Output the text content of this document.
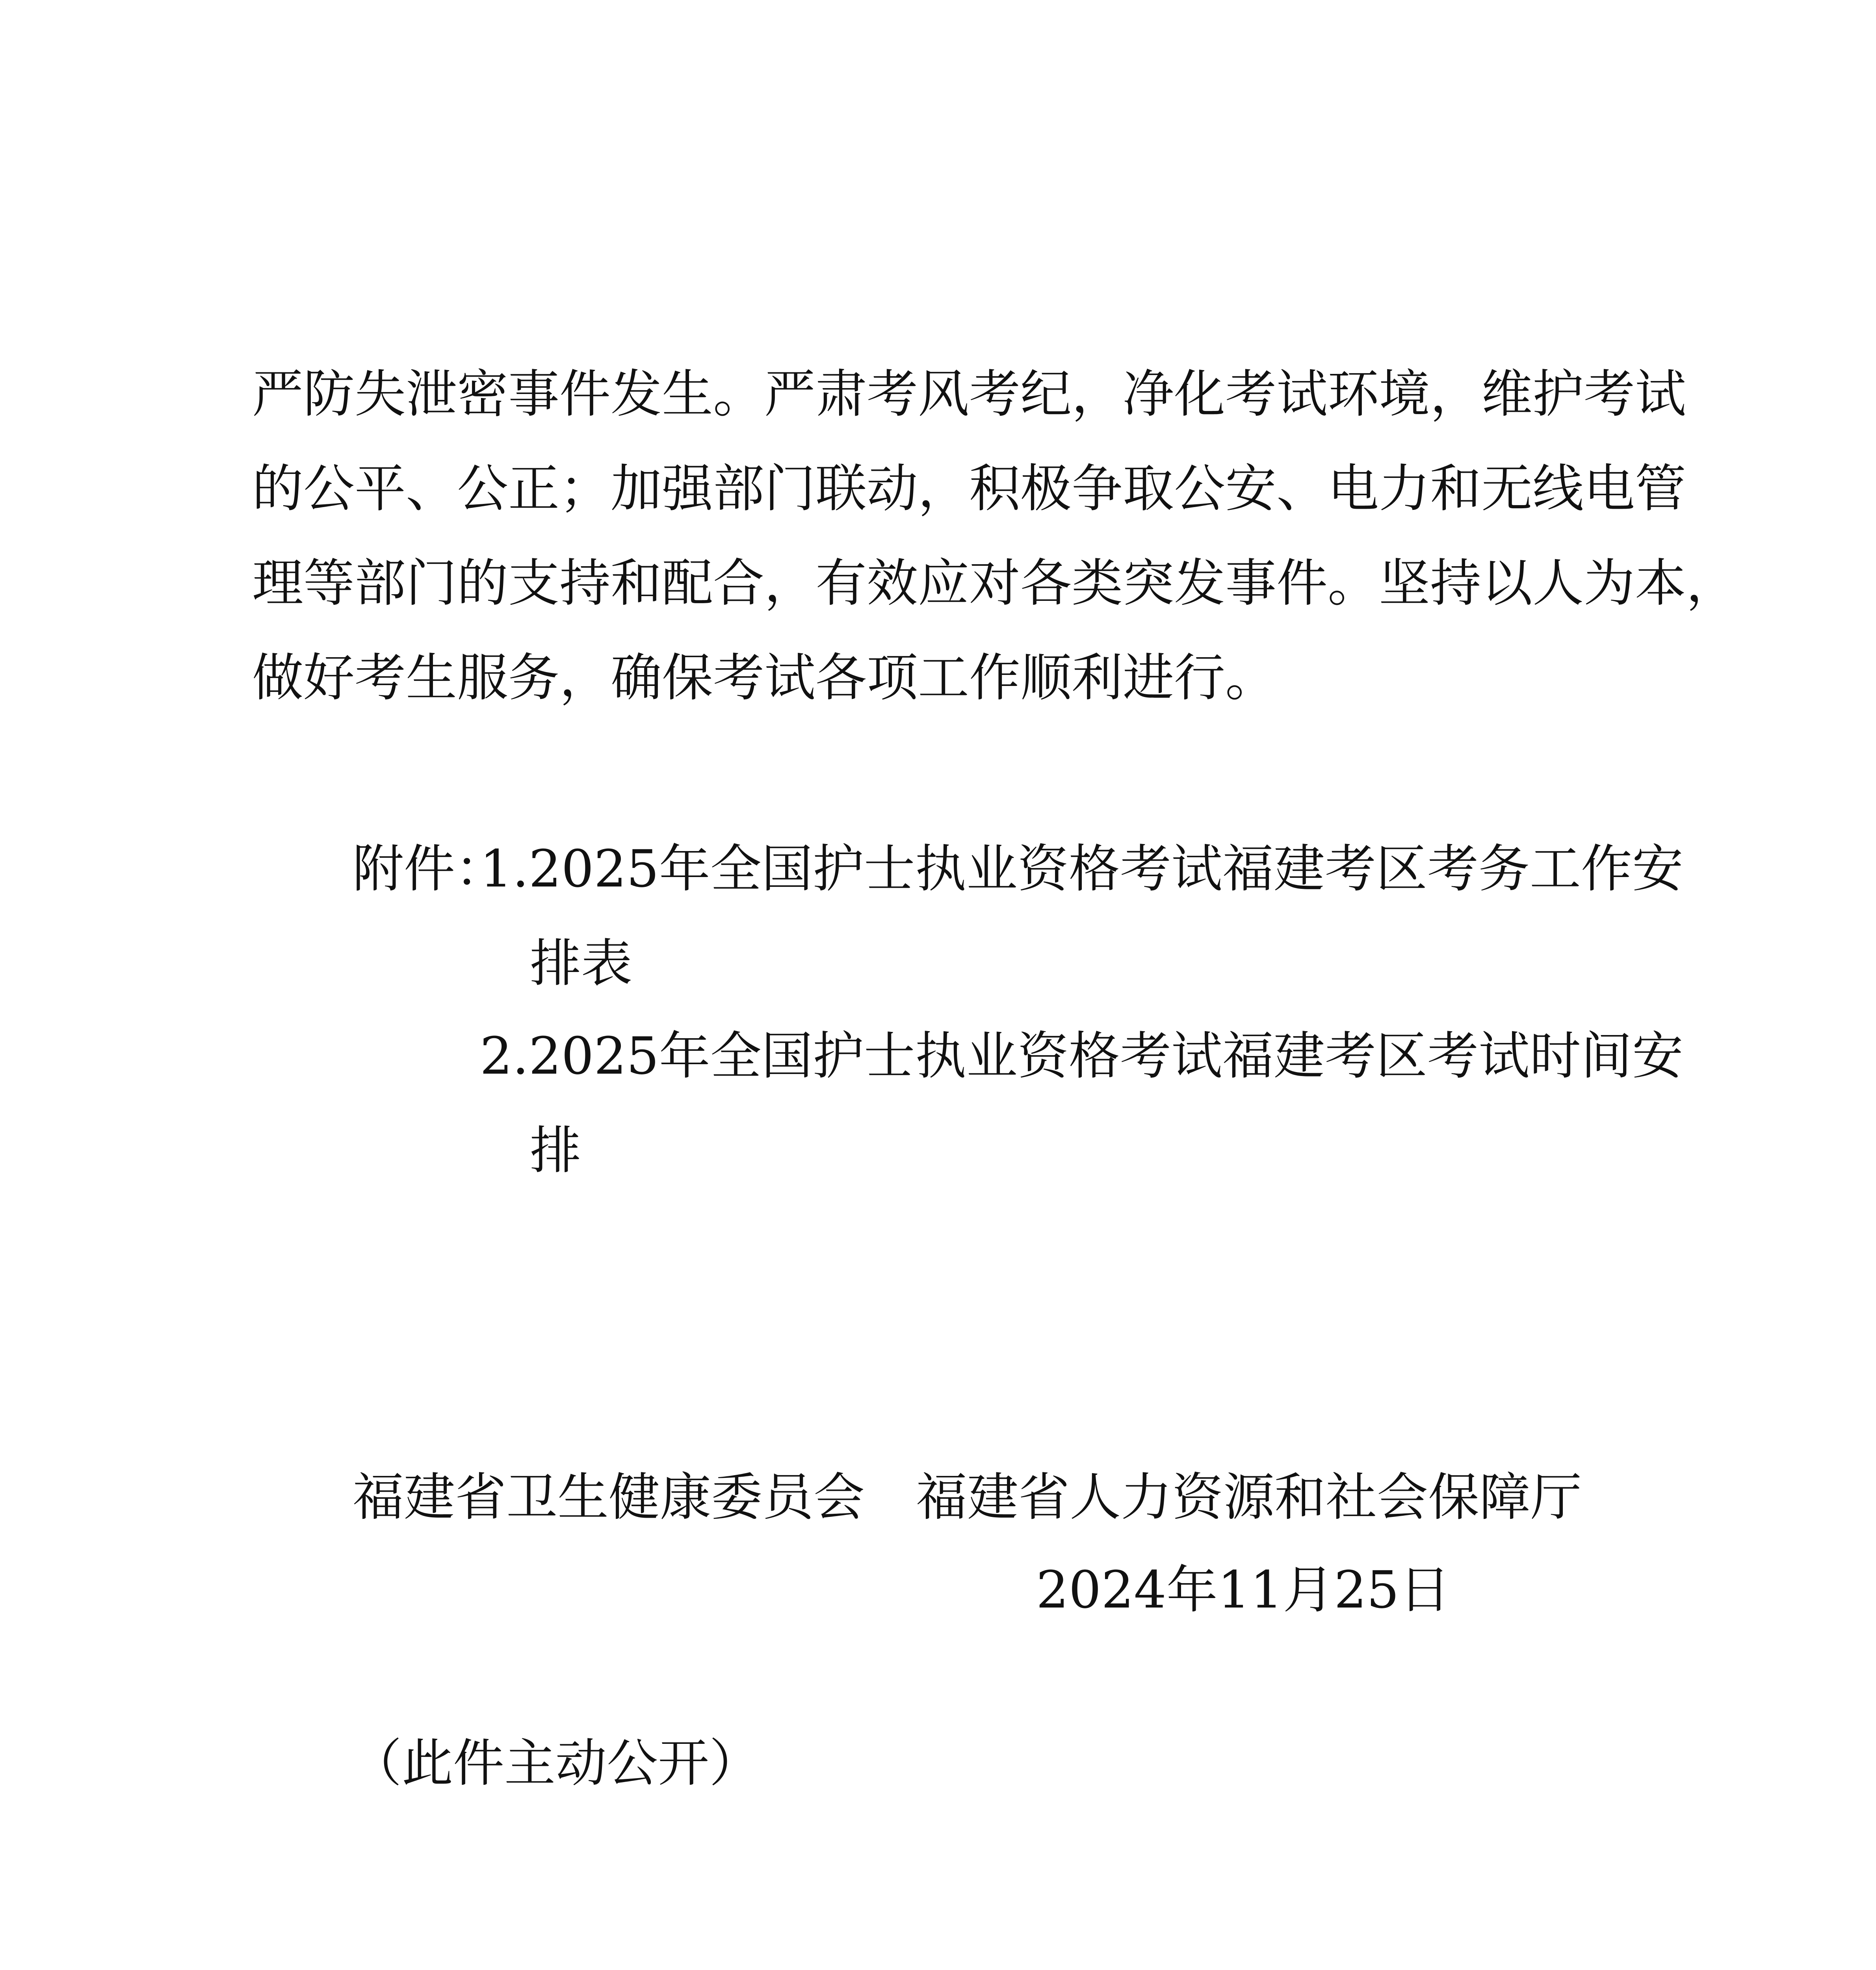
严防失泄密事件发生。严肃考风考纪，净化考试环境，维护考试
的公平、公正；加强部门联动，积极争取公安、电力和无线电管
理等部门的支持和配合，有效应对各类突发事件。坚持以人为本，
做好考生服务，确保考试各项工作顺利进行。
附件：
1.2025年全国护士执业资格考试福建考区考务工作安
排表
2.2025年全国护士执业资格考试福建考区考试时间安
排
福建省卫生健康委员会　福建省人力资源和社会保障厅
2024年11月25日
（此件主动公开）
